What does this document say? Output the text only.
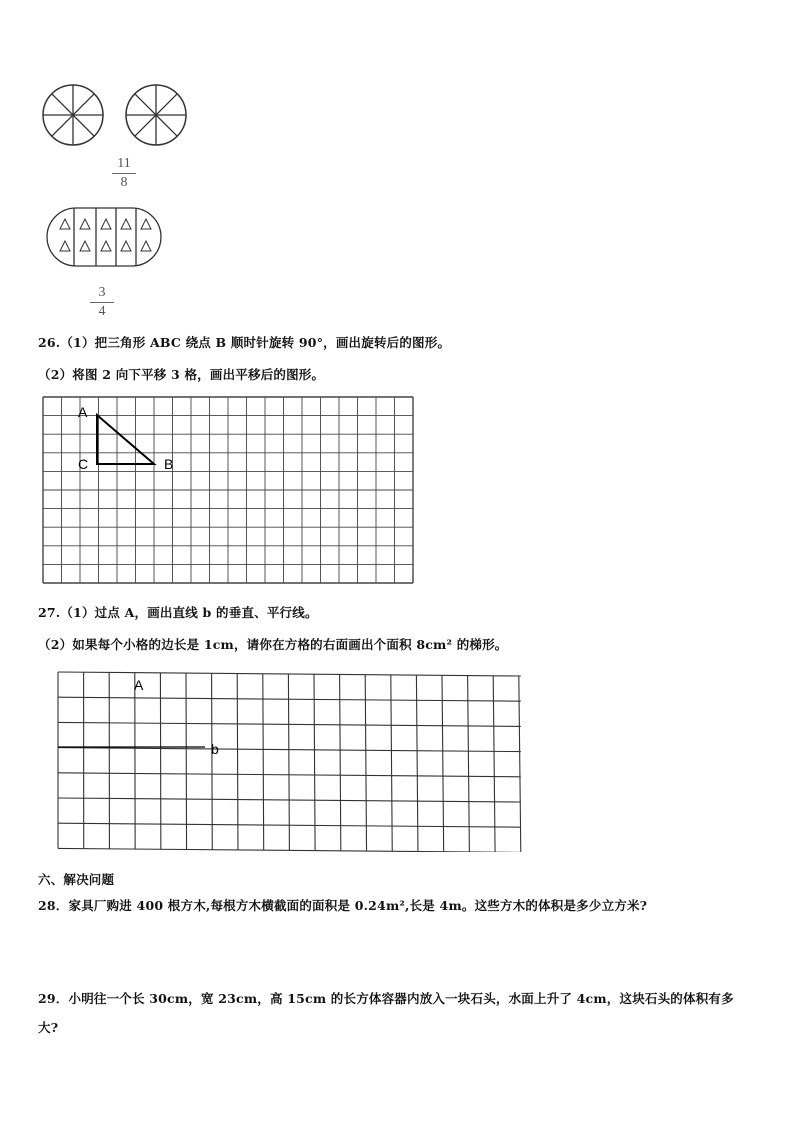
11
8
3
4
26.（1）把三角形 ABC 绕点 B 顺时针旋转 90°，画出旋转后的图形。
（2）将图 2 向下平移 3 格，画出平移后的图形。
A
C	B
27.（1）过点 A，画出直线 b 的垂直、平行线。
（2）如果每个小格的边长是 1cm，请你在方格的右面画出个面积 8cm² 的梯形。
A
b
六、解决问题
28．家具厂购进 400 根方木,每根方木横截面的面积是 0.24m²,长是 4m。这些方木的体积是多少立方米?
29．小明往一个长 30cm，宽 23cm，高 15cm 的长方体容器内放入一块石头，水面上升了 4cm，这块石头的体积有多
大?
